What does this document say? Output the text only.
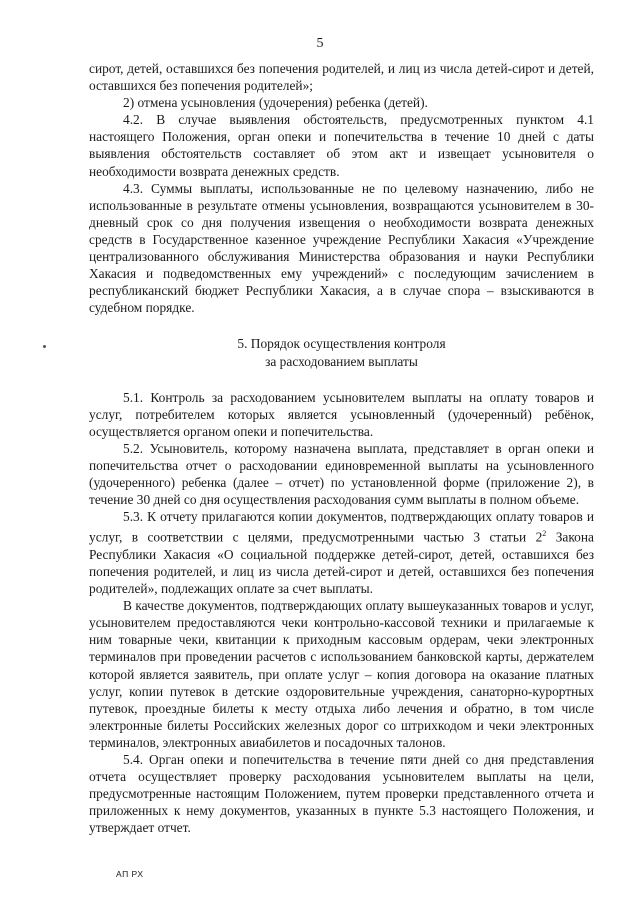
5

сирот, детей, оставшихся без попечения родителей, и лиц из числа детей-сирот и детей, оставшихся без попечения родителей»;

2) отмена усыновления (удочерения) ребенка (детей).

4.2. В случае выявления обстоятельств, предусмотренных пунктом 4.1 настоящего Положения, орган опеки и попечительства в течение 10 дней с даты выявления обстоятельств составляет об этом акт и извещает усыновителя о необходимости возврата денежных средств.

4.3. Суммы выплаты, использованные не по целевому назначению, либо не использованные в результате отмены усыновления, возвращаются усыновителем в 30-дневный срок со дня получения извещения о необходимости возврата денежных средств в Государственное казенное учреждение Республики Хакасия «Учреждение централизованного обслуживания Министерства образования и науки Республики Хакасия и подведомственных ему учреждений» с последующим зачислением в республиканский бюджет Республики Хакасия, а в случае спора – взыскиваются в судебном порядке.

5. Порядок осуществления контроля

за расходованием выплаты

5.1. Контроль за расходованием усыновителем выплаты на оплату товаров и услуг, потребителем которых является усыновленный (удочеренный) ребёнок, осуществляется органом опеки и попечительства.

5.2. Усыновитель, которому назначена выплата, представляет в орган опеки и попечительства отчет о расходовании единовременной выплаты на усыновленного (удочеренного) ребенка (далее – отчет) по установленной форме (приложение 2), в течение 30 дней со дня осуществления расходования сумм выплаты в полном объеме.

5.3. К отчету прилагаются копии документов, подтверждающих оплату товаров и услуг, в соответствии с целями, предусмотренными частью 3 статьи $2^2$ Закона Республики Хакасия «О социальной поддержке детей-сирот, детей, оставшихся без попечения родителей, и лиц из числа детей-сирот и детей, оставшихся без попечения родителей», подлежащих оплате за счет выплаты.

В качестве документов, подтверждающих оплату вышеуказанных товаров и услуг, усыновителем предоставляются чеки контрольно-кассовой техники и прилагаемые к ним товарные чеки, квитанции к приходным кассовым ордерам, чеки электронных терминалов при проведении расчетов с использованием банковской карты, держателем которой является заявитель, при оплате услуг – копия договора на оказание платных услуг, копии путевок в детские оздоровительные учреждения, санаторно-курортных путевок, проездные билеты к месту отдыха либо лечения и обратно, в том числе электронные билеты Российских железных дорог со штрихкодом и чеки электронных терминалов, электронных авиабилетов и посадочных талонов.

5.4. Орган опеки и попечительства в течение пяти дней со дня представления отчета осуществляет проверку расходования усыновителем выплаты на цели, предусмотренные настоящим Положением, путем проверки представленного отчета и приложенных к нему документов, указанных в пункте 5.3 настоящего Положения, и утверждает отчет.

АП РХ
